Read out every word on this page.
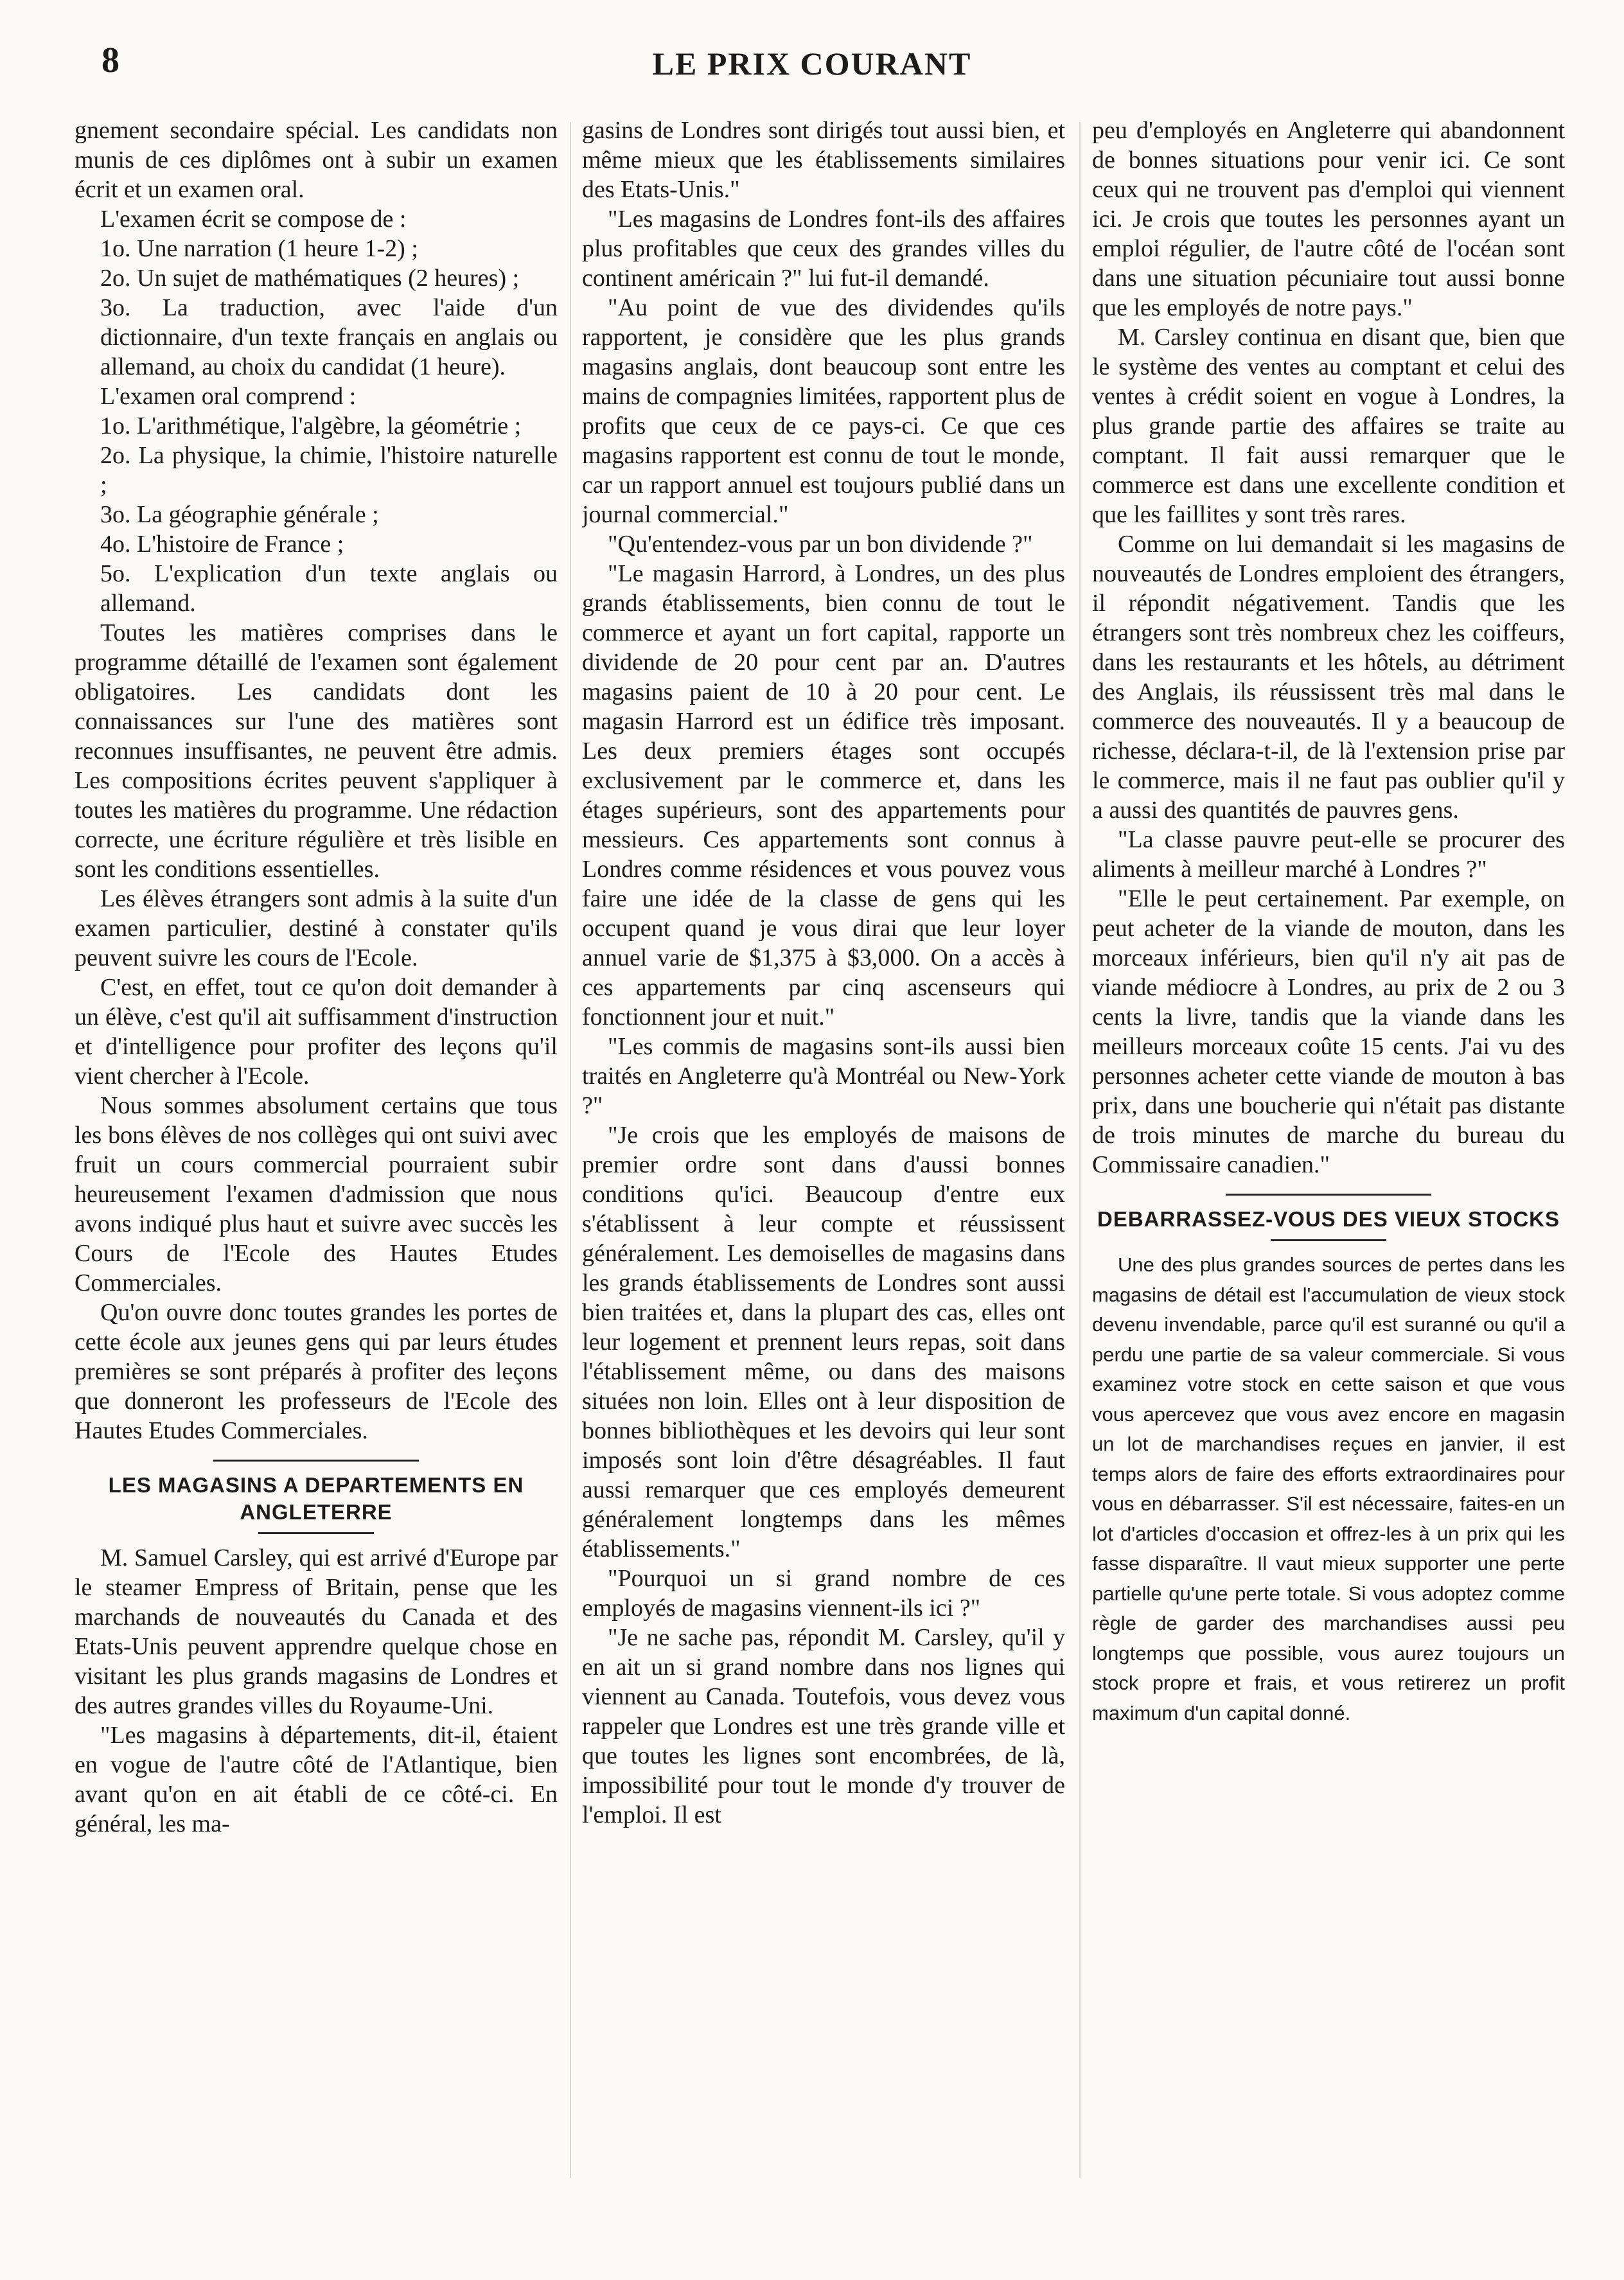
8	LE PRIX COURANT

gnement secondaire spécial. Les candidats non munis de ces diplômes ont à subir un examen écrit et un examen oral.

L'examen écrit se compose de :

1o. Une narration (1 heure 1-2) ;

2o. Un sujet de mathématiques (2 heures) ;

3o. La traduction, avec l'aide d'un dictionnaire, d'un texte français en anglais ou allemand, au choix du candidat (1 heure).

L'examen oral comprend :

1o. L'arithmétique, l'algèbre, la géométrie ;

2o. La physique, la chimie, l'histoire naturelle ;

3o. La géographie générale ;

4o. L'histoire de France ;

5o. L'explication d'un texte anglais ou allemand.

Toutes les matières comprises dans le programme détaillé de l'examen sont également obligatoires. Les candidats dont les connaissances sur l'une des matières sont reconnues insuffisantes, ne peuvent être admis. Les compositions écrites peuvent s'appliquer à toutes les matières du programme. Une rédaction correcte, une écriture régulière et très lisible en sont les conditions essentielles.

Les élèves étrangers sont admis à la suite d'un examen particulier, destiné à constater qu'ils peuvent suivre les cours de l'Ecole.

C'est, en effet, tout ce qu'on doit demander à un élève, c'est qu'il ait suffisamment d'instruction et d'intelligence pour profiter des leçons qu'il vient chercher à l'Ecole.

Nous sommes absolument certains que tous les bons élèves de nos collèges qui ont suivi avec fruit un cours commercial pourraient subir heureusement l'examen d'admission que nous avons indiqué plus haut et suivre avec succès les Cours de l'Ecole des Hautes Etudes Commerciales.

Qu'on ouvre donc toutes grandes les portes de cette école aux jeunes gens qui par leurs études premières se sont préparés à profiter des leçons que donneront les professeurs de l'Ecole des Hautes Etudes Commerciales.

LES MAGASINS A DEPARTEMENTS EN ANGLETERRE

M. Samuel Carsley, qui est arrivé d'Europe par le steamer Empress of Britain, pense que les marchands de nouveautés du Canada et des Etats-Unis peuvent apprendre quelque chose en visitant les plus grands magasins de Londres et des autres grandes villes du Royaume-Uni.

"Les magasins à départements, dit-il, étaient en vogue de l'autre côté de l'Atlantique, bien avant qu'on en ait établi de ce côté-ci. En général, les ma-

gasins de Londres sont dirigés tout aussi bien, et même mieux que les établissements similaires des Etats-Unis."

"Les magasins de Londres font-ils des affaires plus profitables que ceux des grandes villes du continent américain ?" lui fut-il demandé.

"Au point de vue des dividendes qu'ils rapportent, je considère que les plus grands magasins anglais, dont beaucoup sont entre les mains de compagnies limitées, rapportent plus de profits que ceux de ce pays-ci. Ce que ces magasins rapportent est connu de tout le monde, car un rapport annuel est toujours publié dans un journal commercial."

"Qu'entendez-vous par un bon dividende ?"

"Le magasin Harrord, à Londres, un des plus grands établissements, bien connu de tout le commerce et ayant un fort capital, rapporte un dividende de 20 pour cent par an. D'autres magasins paient de 10 à 20 pour cent. Le magasin Harrord est un édifice très imposant. Les deux premiers étages sont occupés exclusivement par le commerce et, dans les étages supérieurs, sont des appartements pour messieurs. Ces appartements sont connus à Londres comme résidences et vous pouvez vous faire une idée de la classe de gens qui les occupent quand je vous dirai que leur loyer annuel varie de $1,375 à $3,000. On a accès à ces appartements par cinq ascenseurs qui fonctionnent jour et nuit."

"Les commis de magasins sont-ils aussi bien traités en Angleterre qu'à Montréal ou New-York ?"

"Je crois que les employés de maisons de premier ordre sont dans d'aussi bonnes conditions qu'ici. Beaucoup d'entre eux s'établissent à leur compte et réussissent généralement. Les demoiselles de magasins dans les grands établissements de Londres sont aussi bien traitées et, dans la plupart des cas, elles ont leur logement et prennent leurs repas, soit dans l'établissement même, ou dans des maisons situées non loin. Elles ont à leur disposition de bonnes bibliothèques et les devoirs qui leur sont imposés sont loin d'être désagréables. Il faut aussi remarquer que ces employés demeurent généralement longtemps dans les mêmes établissements."

"Pourquoi un si grand nombre de ces employés de magasins viennent-ils ici ?"

"Je ne sache pas, répondit M. Carsley, qu'il y en ait un si grand nombre dans nos lignes qui viennent au Canada. Toutefois, vous devez vous rappeler que Londres est une très grande ville et que toutes les lignes sont encombrées, de là, impossibilité pour tout le monde d'y trouver de l'emploi. Il est

peu d'employés en Angleterre qui abandonnent de bonnes situations pour venir ici. Ce sont ceux qui ne trouvent pas d'emploi qui viennent ici. Je crois que toutes les personnes ayant un emploi régulier, de l'autre côté de l'océan sont dans une situation pécuniaire tout aussi bonne que les employés de notre pays."

M. Carsley continua en disant que, bien que le système des ventes au comptant et celui des ventes à crédit soient en vogue à Londres, la plus grande partie des affaires se traite au comptant. Il fait aussi remarquer que le commerce est dans une excellente condition et que les faillites y sont très rares.

Comme on lui demandait si les magasins de nouveautés de Londres emploient des étrangers, il répondit négativement. Tandis que les étrangers sont très nombreux chez les coiffeurs, dans les restaurants et les hôtels, au détriment des Anglais, ils réussissent très mal dans le commerce des nouveautés. Il y a beaucoup de richesse, déclara-t-il, de là l'extension prise par le commerce, mais il ne faut pas oublier qu'il y a aussi des quantités de pauvres gens.

"La classe pauvre peut-elle se procurer des aliments à meilleur marché à Londres ?"

"Elle le peut certainement. Par exemple, on peut acheter de la viande de mouton, dans les morceaux inférieurs, bien qu'il n'y ait pas de viande médiocre à Londres, au prix de 2 ou 3 cents la livre, tandis que la viande dans les meilleurs morceaux coûte 15 cents. J'ai vu des personnes acheter cette viande de mouton à bas prix, dans une boucherie qui n'était pas distante de trois minutes de marche du bureau du Commissaire canadien."

DEBARRASSEZ-VOUS DES VIEUX STOCKS

Une des plus grandes sources de pertes dans les magasins de détail est l'accumulation de vieux stock devenu invendable, parce qu'il est suranné ou qu'il a perdu une partie de sa valeur commerciale. Si vous examinez votre stock en cette saison et que vous vous apercevez que vous avez encore en magasin un lot de marchandises reçues en janvier, il est temps alors de faire des efforts extraordinaires pour vous en débarrasser. S'il est nécessaire, faites-en un lot d'articles d'occasion et offrez-les à un prix qui les fasse disparaître. Il vaut mieux supporter une perte partielle qu'une perte totale. Si vous adoptez comme règle de garder des marchandises aussi peu longtemps que possible, vous aurez toujours un stock propre et frais, et vous retirerez un profit maximum d'un capital donné.
